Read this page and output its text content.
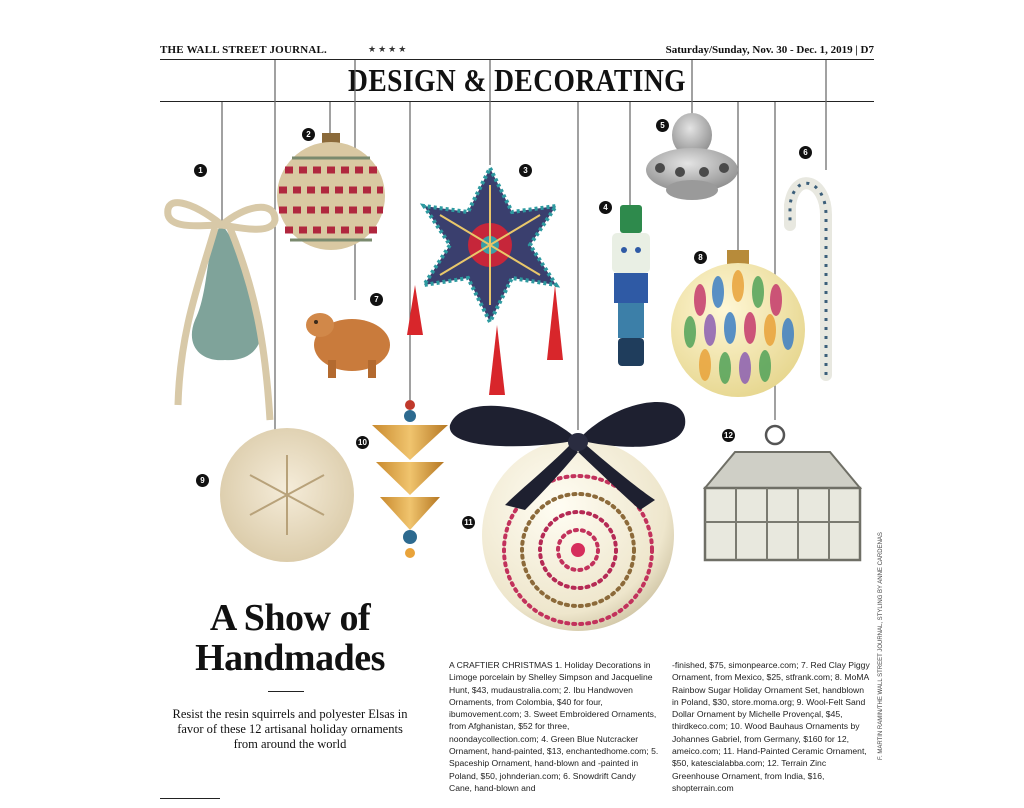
THE WALL STREET JOURNAL.	★★★★	Saturday/Sunday, Nov. 30 - Dec. 1, 2019 | D7
DESIGN & DECORATING
1
2
3
4
5
6
7
8
9
10
11
12
A Show of
Handmades
Resist the resin squirrels and polyester Elsas in favor of these 12 artisanal holiday ornaments from around the world
A CRAFTIER CHRISTMAS 1. Holiday Decorations in Limoge porcelain by Shelley Simpson and Jacqueline Hunt, $43, mudaustralia.com; 2. Ibu Handwoven Ornaments, from Colombia, $40 for four, ibumovement.com; 3. Sweet Embroidered Ornaments, from Afghanistan, $52 for three, noondaycollection.com; 4. Green Blue Nutcracker Ornament, hand-painted, $13, enchantedhome.com; 5. Spaceship Ornament, hand-blown and -painted in Poland, $50, johnderian.com; 6. Snowdrift Candy Cane, hand-blown and
-finished, $75, simonpearce.com; 7. Red Clay Piggy Ornament, from Mexico, $25, stfrank.com; 8. MoMA Rainbow Sugar Holiday Ornament Set, handblown in Poland, $30, store.moma.org; 9. Wool-Felt Sand Dollar Ornament by Michelle Provençal, $45, thirdkeco.com; 10. Wood Bauhaus Ornaments by Johannes Gabriel, from Germany, $160 for 12, ameico.com; 11. Hand-Painted Ceramic Ornament, $50, katescialabba.com; 12. Terrain Zinc Greenhouse Ornament, from India, $16, shopterrain.com
F. MARTIN RAMIN/THE WALL STREET JOURNAL, STYLING BY ANNE CARDENAS
